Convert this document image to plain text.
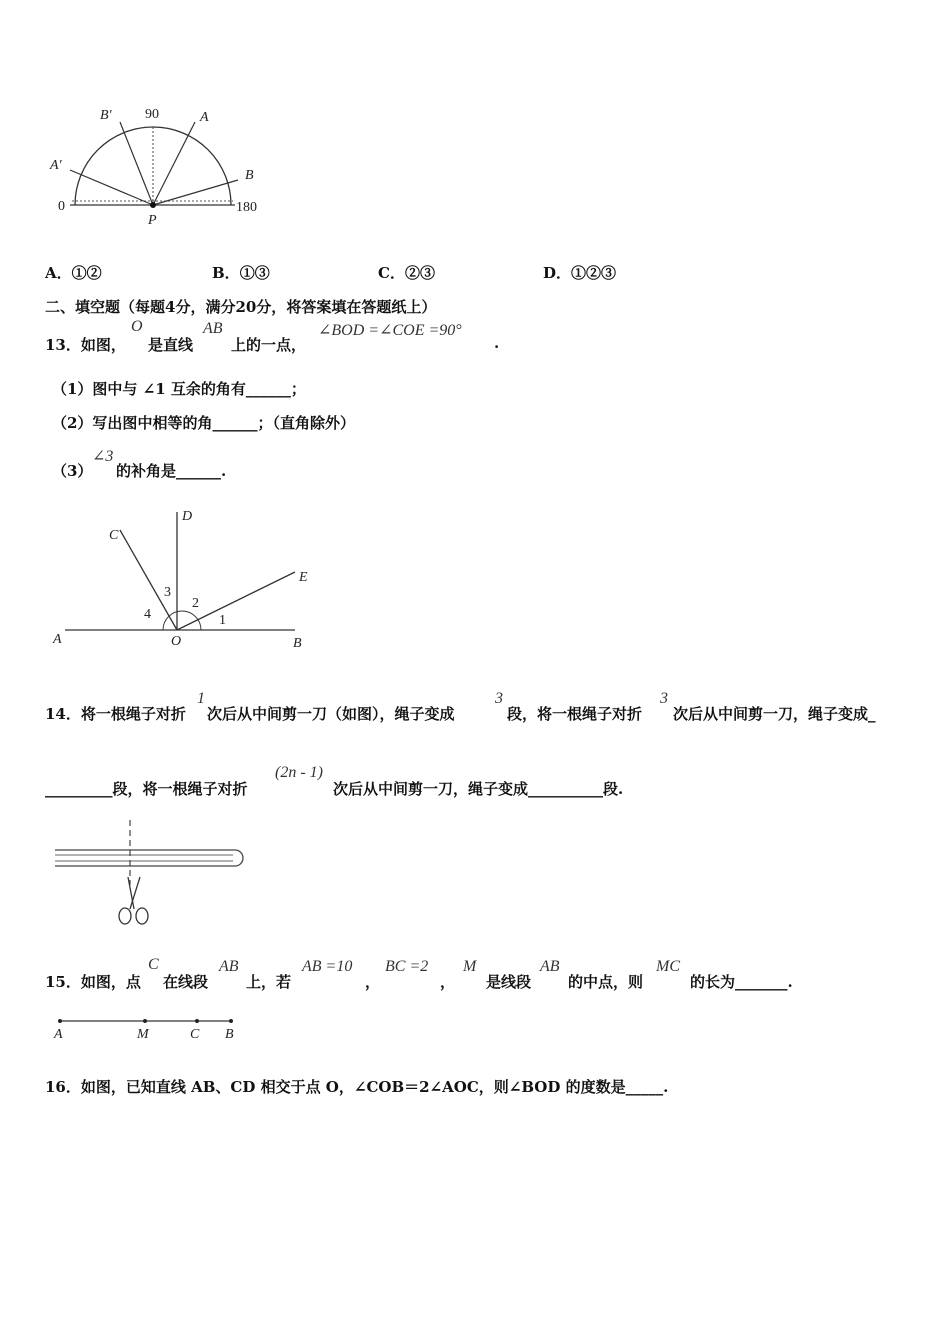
B′ 90	A
A′
B
0
P
180
A．①②	B．①③	C．②③	D．①②③
二、填空题（每题4分，满分20分，将答案填在答题纸上）
13．如图，
O
是直线
AB
上的一点，
∠BOD =∠COE =90°
.
（1）图中与 ∠1 互余的角有______；
（2）写出图中相等的角______；（直角除外）
（3）
∠3
的补角是______.
C
D
E
A	O	B
1
2
3
4
14．将一根绳子对折
1
次后从中间剪一刀（如图），绳子变成
3
段，将一根绳子对折
3
次后从中间剪一刀，绳子变成_
_________段，将一根绳子对折
(2n - 1)
次后从中间剪一刀，绳子变成__________段.
15．如图，点
C
在线段
AB
上，若
AB =10
，
BC =2
，
M
是线段
AB
的中点，则
MC
的长为_______.
A	M	C B
16．如图，已知直线 AB、CD 相交于点 O，∠COB＝2∠AOC，则∠BOD 的度数是_____.
